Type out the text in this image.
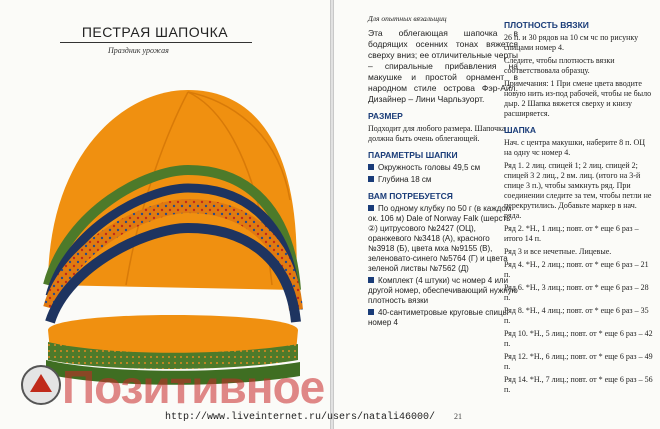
ПЕСТРАЯ ШАПОЧКА
Праздник урожая
Для опытных вязальщиц

Эта облегающая шапочка в бодрящих осенних тонах вяжется сверху вниз; ее отличительные черты – спиральные прибавления на макушке и простой орнамент в народном стиле острова Фэр-Айл. Дизайнер – Лини Чарльзуорт.

РАЗМЕР

Подходит для любого размера. Шапочка должна быть очень облегающей.

ПАРАМЕТРЫ ШАПКИ
Окружность головы 49,5 см
Глубина 18 см
ВАМ ПОТРЕБУЕТСЯ
По одному клубку по 50 г (в каждом ок. 106 м) Dale of Norway Falk (шерсть ②) цитрусового №2427 (ОЦ), оранжевого №3418 (А), красного №3918 (Б), цвета мха №9155 (В), зеленовато-синего №5764 (Г) и цвета зеленой листвы №7562 (Д)
Комплект (4 штуки) чс номер 4 или другой номер, обеспечивающий нужную плотность вязки
40-сантиметровые круговые спицы номер 4
ПЛОТНОСТЬ ВЯЗКИ

26 п. и 30 рядов на 10 см чс по рисунку спицами номер 4.

Следите, чтобы плотность вязки соответствовала образцу.

Примечания: 1 При смене цвета вводите новую нить из-под рабочей, чтобы не было дыр. 2 Шапка вяжется сверху и книзу расширяется.

ШАПКА

Нач. с центра макушки, наберите 8 п. ОЦ на одну чс номер 4.

Ряд 1. 2 лиц. спицей 1; 2 лиц. спицей 2; спицей 3 2 лиц., 2 вм. лиц. (итого на 3-й спице 3 п.), чтобы замкнуть ряд. При соединении следите за тем, чтобы петли не перекрутились. Добавьте маркер в нач. ряда.

Ряд 2. *Н., 1 лиц.; повт. от * еще 6 раз – итого 14 п.

Ряд 3 и все нечетные. Лицевые.

Ряд 4. *Н., 2 лиц.; повт. от * еще 6 раз – 21 п.

Ряд 6. *Н., 3 лиц.; повт. от * еще 6 раз – 28 п.

Ряд 8. *Н., 4 лиц.; повт. от * еще 6 раз – 35 п.

Ряд 10. *Н., 5 лиц.; повт. от * еще 6 раз – 42 п.

Ряд 12. *Н., 6 лиц.; повт. от * еще 6 раз – 49 п.

Ряд 14. *Н., 7 лиц.; повт. от * еще 6 раз – 56 п.

21
Позитивное
http://www.liveinternet.ru/users/natali46000/
